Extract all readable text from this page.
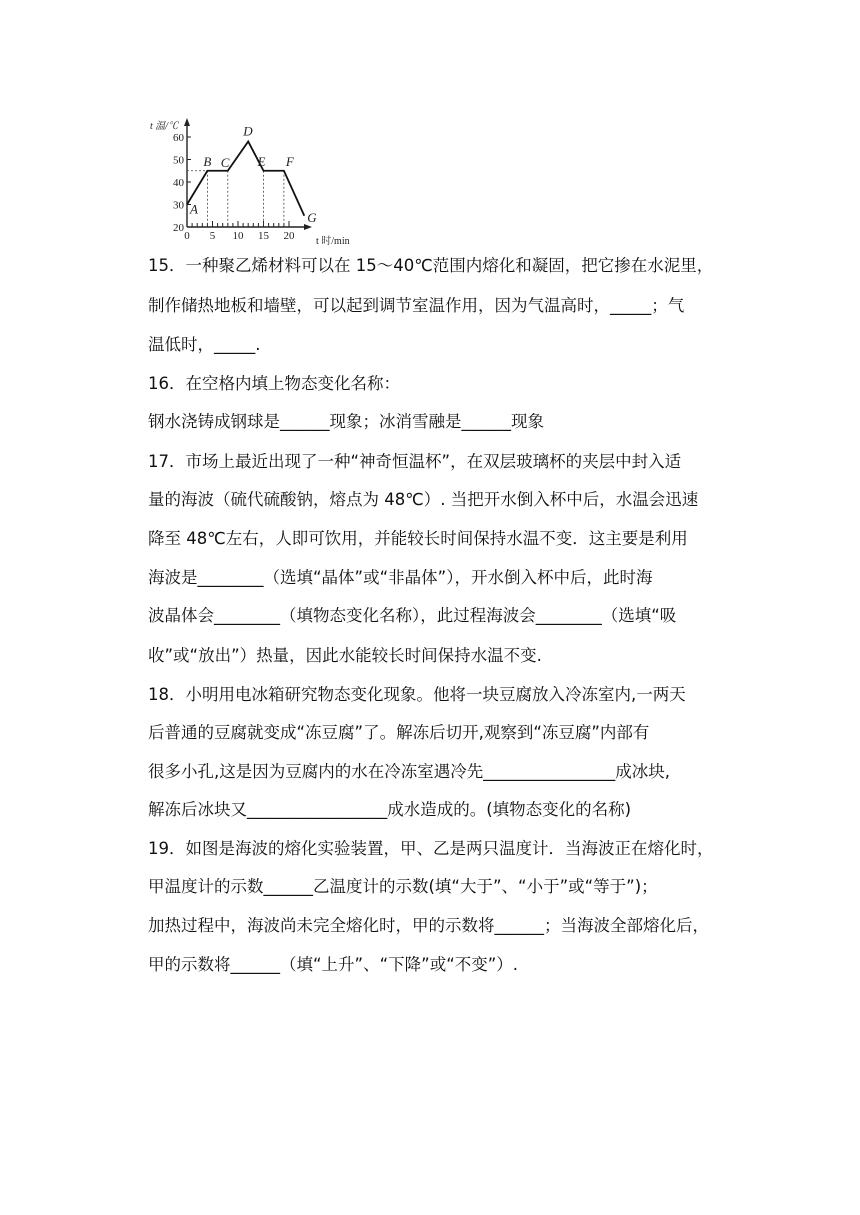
60
50
40
30
20
0 5 10 15 20
A
B C
D
E F
G
t 温/℃
t 时/min
15．一种聚乙烯材料可以在 15～40℃范围内熔化和凝固，把它掺在水泥里，
制作储热地板和墙壁，可以起到调节室温作用，因为气温高时，_____；气
温低时，_____.
16．在空格内填上物态变化名称：
钢水浇铸成钢球是______现象；冰消雪融是______现象
17．市场上最近出现了一种“神奇恒温杯”，在双层玻璃杯的夹层中封入适
量的海波（硫代硫酸钠，熔点为 48℃）. 当把开水倒入杯中后，水温会迅速
降至 48℃左右，人即可饮用，并能较长时间保持水温不变．这主要是利用
海波是________（选填“晶体”或“非晶体”），开水倒入杯中后，此时海
波晶体会________（填物态变化名称），此过程海波会________（选填“吸
收”或“放出”）热量，因此水能较长时间保持水温不变.
18．小明用电冰箱研究物态变化现象。他将一块豆腐放入冷冻室内,一两天
后普通的豆腐就变成“冻豆腐”了。解冻后切开,观察到“冻豆腐”内部有
很多小孔,这是因为豆腐内的水在冷冻室遇冷先________________成冰块,
解冻后冰块又_________________成水造成的。(填物态变化的名称)
19．如图是海波的熔化实验装置，甲、乙是两只温度计．当海波正在熔化时，
甲温度计的示数______乙温度计的示数(填“大于”、“小于”或“等于”)；
加热过程中，海波尚未完全熔化时，甲的示数将______；当海波全部熔化后，
甲的示数将______（填“上升”、“下降”或“不变”）.
